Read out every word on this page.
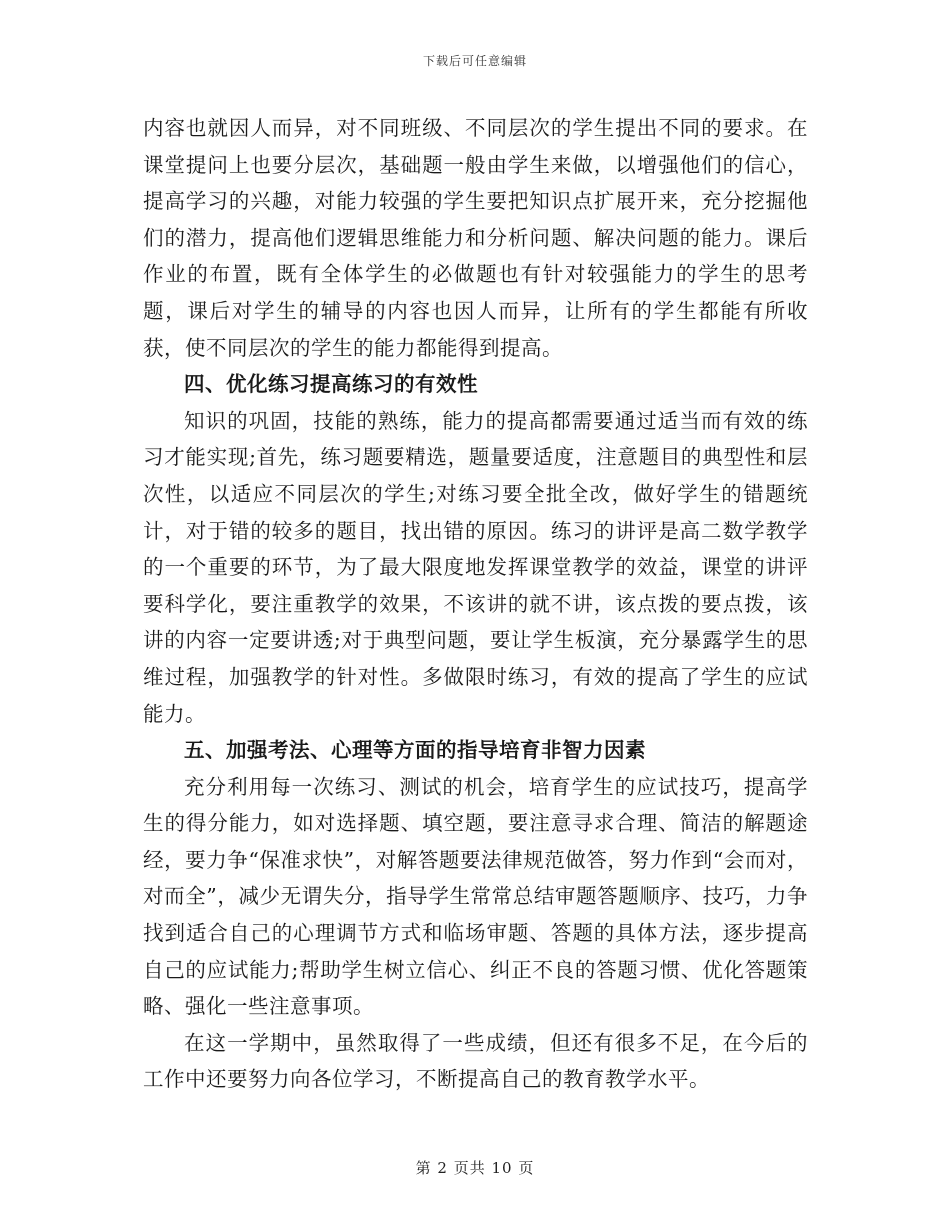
下载后可任意编辑

内容也就因人而异，对不同班级、不同层次的学生提出不同的要求。在课堂提问上也要分层次，基础题一般由学生来做，以增强他们的信心，提高学习的兴趣，对能力较强的学生要把知识点扩展开来，充分挖掘他们的潜力，提高他们逻辑思维能力和分析问题、解决问题的能力。课后作业的布置，既有全体学生的必做题也有针对较强能力的学生的思考题，课后对学生的辅导的内容也因人而异，让所有的学生都能有所收获，使不同层次的学生的能力都能得到提高。

四、优化练习提高练习的有效性

知识的巩固，技能的熟练，能力的提高都需要通过适当而有效的练习才能实现;首先，练习题要精选，题量要适度，注意题目的典型性和层次性，以适应不同层次的学生;对练习要全批全改，做好学生的错题统计，对于错的较多的题目，找出错的原因。练习的讲评是高二数学教学的一个重要的环节，为了最大限度地发挥课堂教学的效益，课堂的讲评要科学化，要注重教学的效果，不该讲的就不讲，该点拨的要点拨，该讲的内容一定要讲透;对于典型问题，要让学生板演，充分暴露学生的思维过程，加强教学的针对性。多做限时练习，有效的提高了学生的应试能力。

五、加强考法、心理等方面的指导培育非智力因素

充分利用每一次练习、测试的机会，培育学生的应试技巧，提高学生的得分能力，如对选择题、填空题，要注意寻求合理、简洁的解题途经，要力争“保准求快”，对解答题要法律规范做答，努力作到“会而对，对而全”，减少无谓失分，指导学生常常总结审题答题顺序、技巧，力争找到适合自己的心理调节方式和临场审题、答题的具体方法，逐步提高自己的应试能力;帮助学生树立信心、纠正不良的答题习惯、优化答题策略、强化一些注意事项。

在这一学期中，虽然取得了一些成绩，但还有很多不足，在今后的工作中还要努力向各位学习，不断提高自己的教育教学水平。

第 2 页共 10 页
